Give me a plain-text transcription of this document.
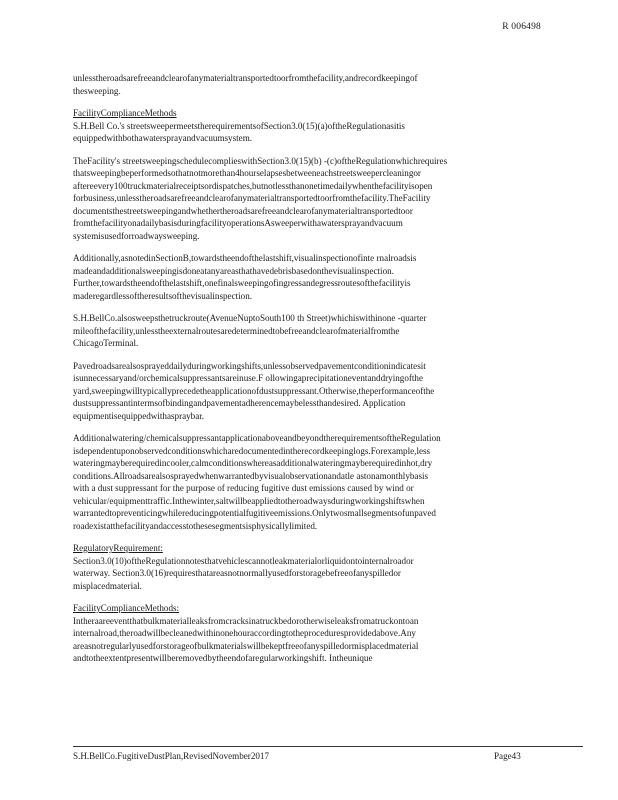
R 006498
unlesstheroadsarefreeandclearofanymaterialtransportedtoorfromthefacility,andrecordkeepingof
thesweeping.
FacilityComplianceMethods
S.H.Bell Co.'s streetsweepermeetstherequirementsofSection3.0(15)(a)oftheRegulationasitis
equippedwithbothawatersprayandvacuumsystem.
TheFacility's streetsweepingschedulecomplieswithSection3.0(15)(b) -(c)oftheRegulationwhichrequires
thatsweepingbeperformedsothatnotmorethan4hourselapsesbetweeneachstreetsweepercleaningor
aftereevery100truckmaterialreceiptsordispatches,butnotlessthanonetimedailywhenthefacilityisopen
forbusiness,unlesstheroadsarefreeandclearofanymaterialtransportedtoorfromthefacility.TheFacility
documentsthestreetsweepingandwhethertheroadsarefreeandclearofanymaterialtransportedtoor
fromthefacilityonadailybasisduringfacilityoperationsAsweeperwithawatersprayandvacuum
systemisusedforroadwaysweeping.
Additionally,asnotedinSectionB,towardstheendofthelastshift,visualinspectionofinte rnalroadsis
madeandadditionalsweepingisdoneatanyareasthathavedebrisbasedonthevisualinspection.
Further,towardstheendofthelastshift,onefinalsweepingofingressandegressroutesofthefacilityis
maderegardlessoftheresultsofthevisualinspection.
S.H.BellCo.alsosweepsthetruckroute(AvenueNuptoSouth100 th Street)whichiswithinone -quarter
mileofthefacility,unlesstheexternalroutesaredeterminedtobefreeandclearofmaterialfromthe
ChicagoTerminal.
Pavedroadsarealsosprayeddailyduringworkingshifts,unlessobservedpavementconditionindicatesit
isunnecessaryand/orchemicalsuppressantsareinuse.F ollowingaprecipitationeventanddryingofthe
yard,sweepingwilltypicallyprecedetheapplicationofdustsuppressant.Otherwise,theperformanceofthe
dustsuppressantintermsofbindingandpavementadherencemaybelessthandesired. Application
equipmentisequippedwithaspraybar.
Additionalwatering/chemicalsuppressantapplicationaboveandbeyondtherequirementsoftheRegulation
isdependentuponobservedconditionswhicharedocumentedintherecordkeepinglogs.Forexample,less
wateringmayberequiredincooler,calmconditionswhereasadditionalwateringmayberequiredinhot,dry
conditions.Allroadsarealsosprayedwhenwarrantedbyvisualobservationandatle astonamonthlybasis
with a dust suppressant for the purpose of reducing fugitive dust emissions caused by wind or
vehicular/equipmenttraffic.Inthewinter,saltwillbeappliedtotheroadwaysduringworkingshiftswhen
warrantedtopreventicingwhilereducingpotentialfugitiveemissions.Onlytwosmallsegmentsofunpaved
roadexistatthefacilityandaccesstothesesegmentsisphysicallylimited.
RegulatoryRequirement:
Section3.0(10)oftheRegulationnotesthatvehiclescannotleakmaterialorliquidontointernalroador
waterway. Section3.0(16)requiresthatareasnotnormallyusedforstoragebefreeofanyspilledor
misplacedmaterial.
FacilityComplianceMethods:
Intheraareeventthatbulkmaterialleaksfromcracksinatruckbedorotherwiseleaksfromatruckontoan
internalroad,theroadwillbecleanedwithinonehouraccordingtotheproceduresprovidedabove.Any
areasnotregularlyusedforstorageofbulkmaterialswillbekeptfreeofanyspilledormisplacedmaterial
andtotheextentpresentwillberemovedbytheendofaregularworkingshift. Intheunique
S.H.BellCo.FugitiveDustPlan,RevisedNovember2017	Page43
